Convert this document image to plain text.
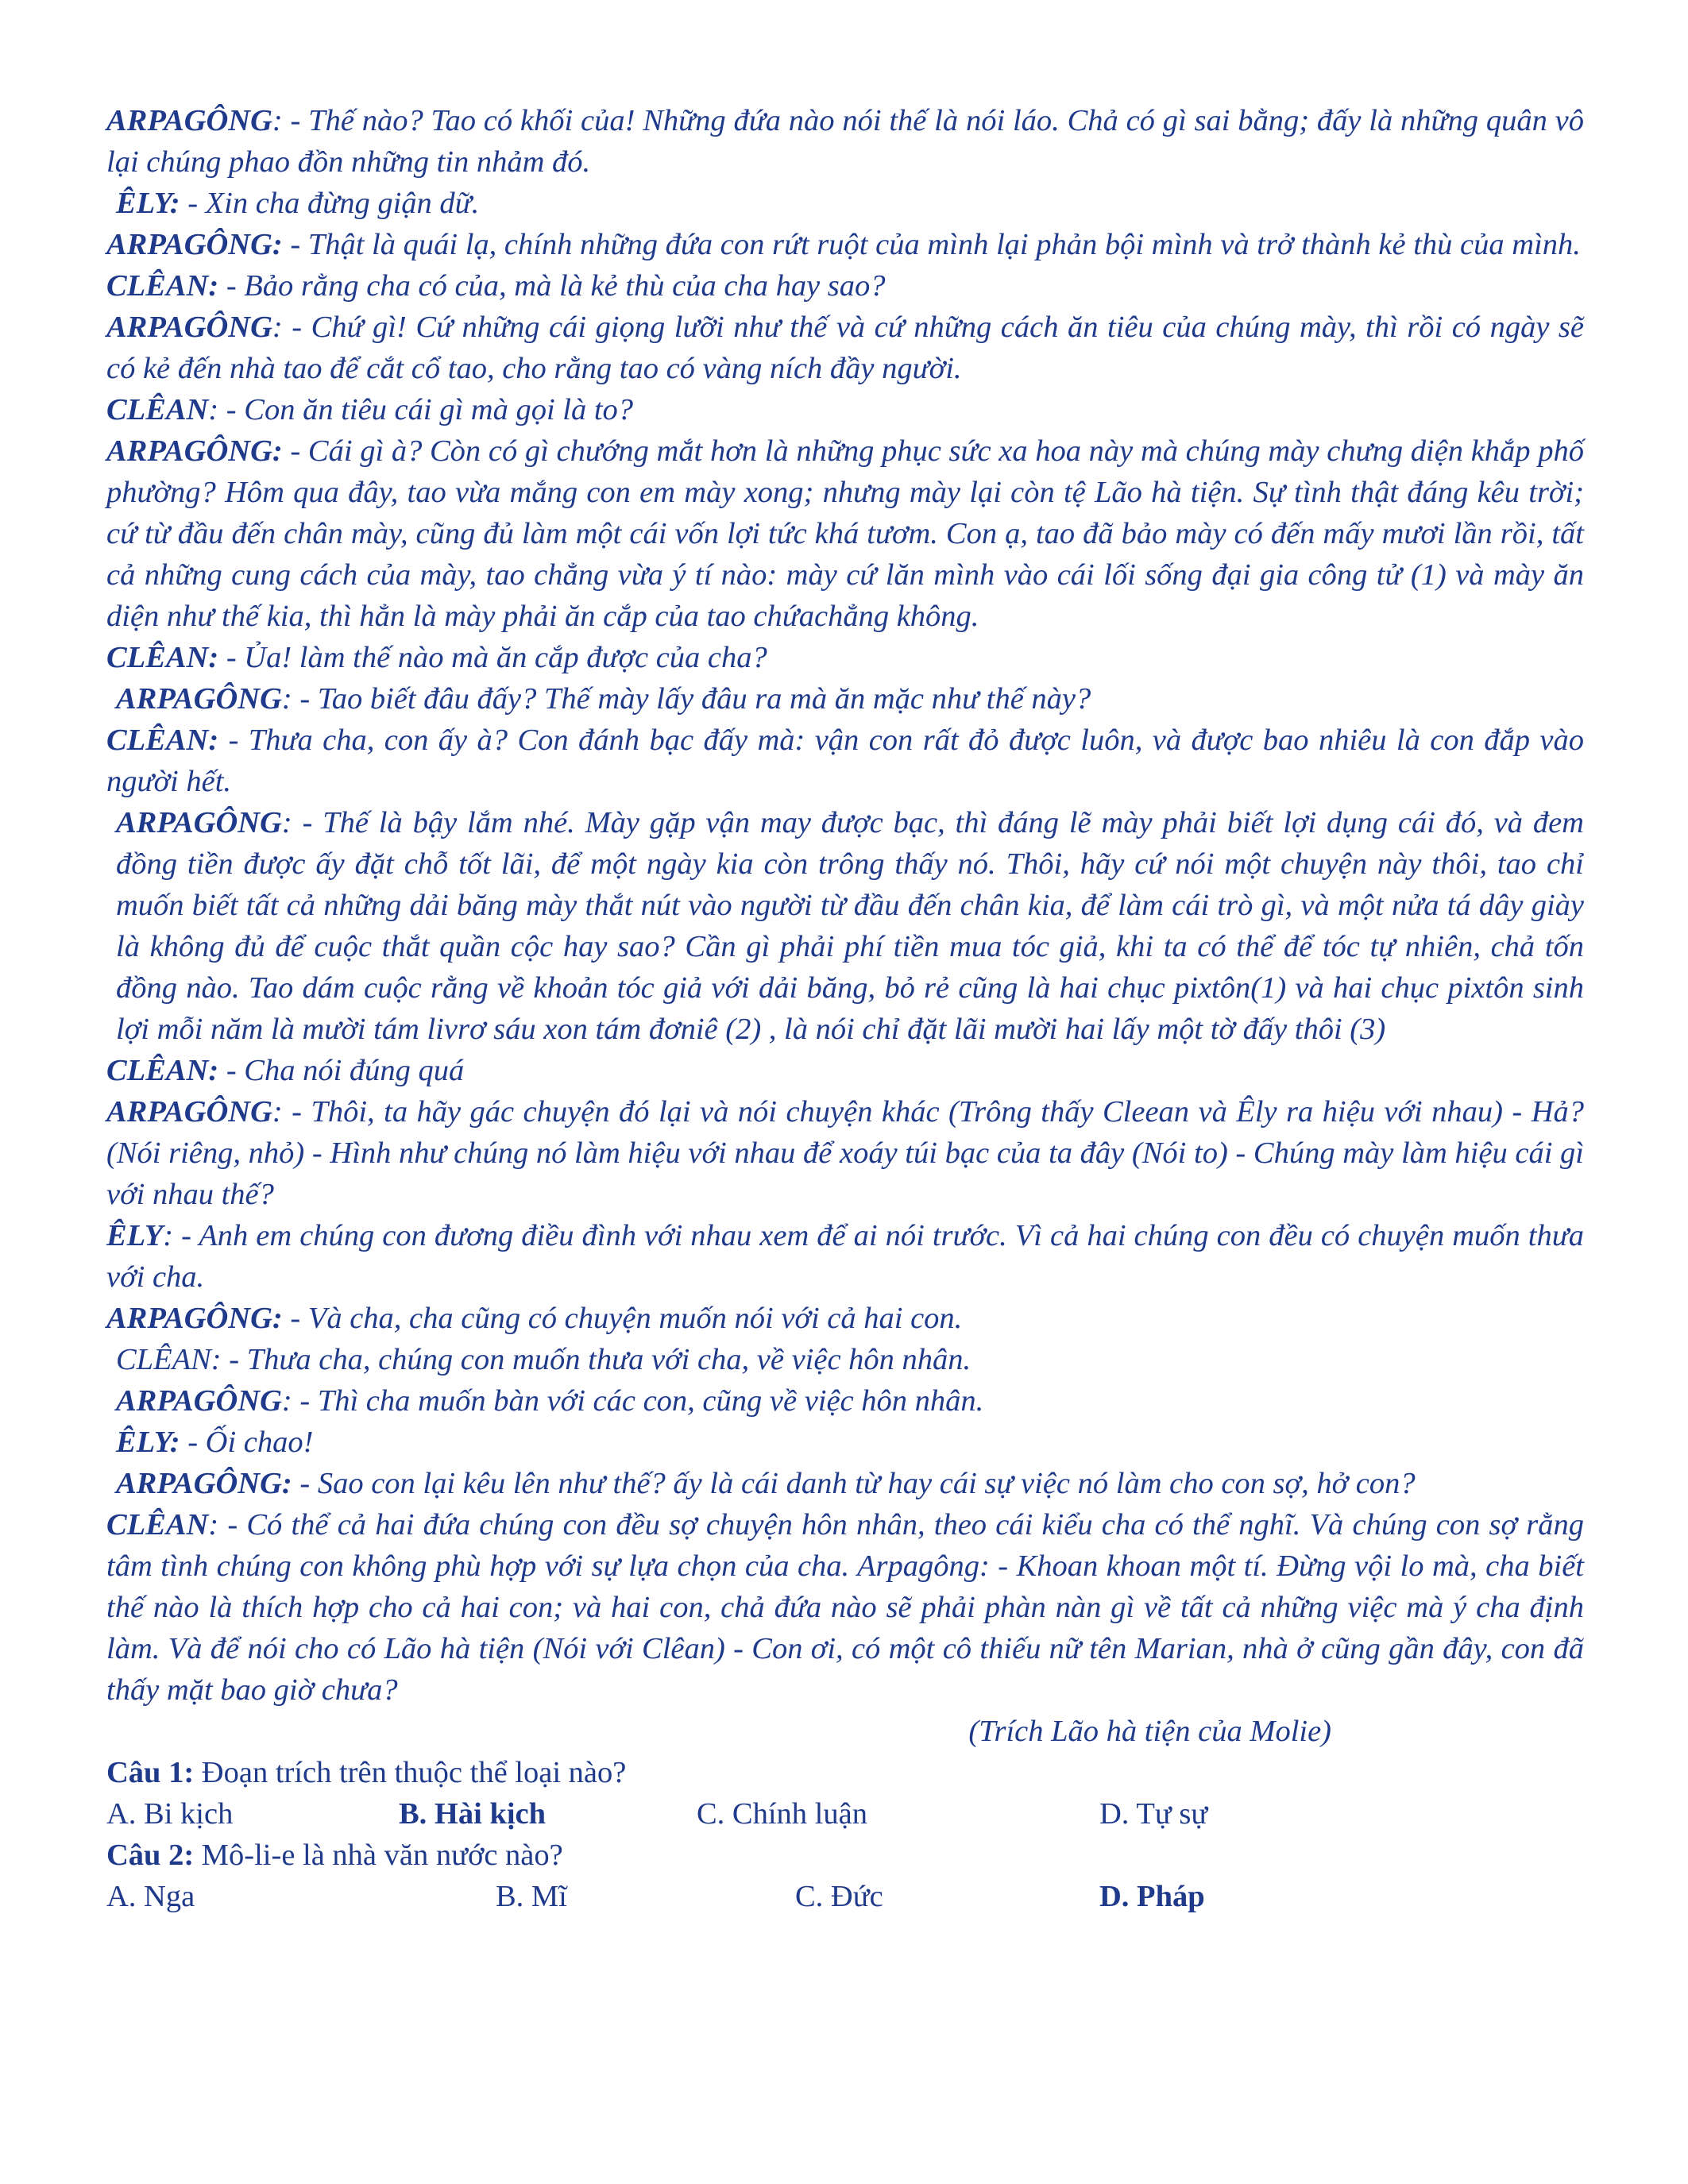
ARPAGÔNG: - Thế nào? Tao có khối của! Những đứa nào nói thế là nói láo. Chả có gì sai bằng; đấy là những quân vô lại chúng phao đồn những tin nhảm đó.

ÊLY: - Xin cha đừng giận dữ.

ARPAGÔNG: - Thật là quái lạ, chính những đứa con rứt ruột của mình lại phản bội mình và trở thành kẻ thù của mình.

CLÊAN: - Bảo rằng cha có của, mà là kẻ thù của cha hay sao?

ARPAGÔNG: - Chứ gì! Cứ những cái giọng lưỡi như thế và cứ những cách ăn tiêu của chúng mày, thì rồi có ngày sẽ có kẻ đến nhà tao để cắt cổ tao, cho rằng tao có vàng ních đầy người.

CLÊAN: - Con ăn tiêu cái gì mà gọi là to?

ARPAGÔNG: - Cái gì à? Còn có gì chướng mắt hơn là những phục sức xa hoa này mà chúng mày chưng diện khắp phố phường? Hôm qua đây, tao vừa mắng con em mày xong; nhưng mày lại còn tệ Lão hà tiện. Sự tình thật đáng kêu trời; cứ từ đầu đến chân mày, cũng đủ làm một cái vốn lợi tức khá tươm. Con ạ, tao đã bảo mày có đến mấy mươi lần rồi, tất cả những cung cách của mày, tao chẳng vừa ý tí nào: mày cứ lăn mình vào cái lối sống đại gia công tử (1) và mày ăn diện như thế kia, thì hẳn là mày phải ăn cắp của tao chứachẳng không.

CLÊAN: - Ủa! làm thế nào mà ăn cắp được của cha?

ARPAGÔNG: - Tao biết đâu đấy? Thế mày lấy đâu ra mà ăn mặc như thế này?

CLÊAN: - Thưa cha, con ấy à? Con đánh bạc đấy mà: vận con rất đỏ được luôn, và được bao nhiêu là con đắp vào người hết.

ARPAGÔNG: - Thế là bậy lắm nhé. Mày gặp vận may được bạc, thì đáng lẽ mày phải biết lợi dụng cái đó, và đem đồng tiền được ấy đặt chỗ tốt lãi, để một ngày kia còn trông thấy nó. Thôi, hãy cứ nói một chuyện này thôi, tao chỉ muốn biết tất cả những dải băng mày thắt nút vào người từ đầu đến chân kia, để làm cái trò gì, và một nửa tá dây giày là không đủ để cuộc thắt quần cộc hay sao? Cần gì phải phí tiền mua tóc giả, khi ta có thể để tóc tự nhiên, chả tốn đồng nào. Tao dám cuộc rằng về khoản tóc giả với dải băng, bỏ rẻ cũng là hai chục pixtôn(1) và hai chục pixtôn sinh lợi mỗi năm là mười tám livrơ sáu xon tám đơniê (2) , là nói chỉ đặt lãi mười hai lấy một tờ đấy thôi (3)

CLÊAN: - Cha nói đúng quá

ARPAGÔNG: - Thôi, ta hãy gác chuyện đó lại và nói chuyện khác (Trông thấy Cleean và Êly ra hiệu với nhau) - Hả? (Nói riêng, nhỏ) - Hình như chúng nó làm hiệu với nhau để xoáy túi bạc của ta đây (Nói to) - Chúng mày làm hiệu cái gì với nhau thế?

ÊLY: - Anh em chúng con đương điều đình với nhau xem để ai nói trước. Vì cả hai chúng con đều có chuyện muốn thưa với cha.

ARPAGÔNG: - Và cha, cha cũng có chuyện muốn nói với cả hai con.

CLÊAN: - Thưa cha, chúng con muốn thưa với cha, về việc hôn nhân.

ARPAGÔNG: - Thì cha muốn bàn với các con, cũng về việc hôn nhân.

ÊLY: - Ối chao!

ARPAGÔNG: - Sao con lại kêu lên như thế? ấy là cái danh từ hay cái sự việc nó làm cho con sợ, hở con?

CLÊAN: - Có thể cả hai đứa chúng con đều sợ chuyện hôn nhân, theo cái kiểu cha có thể nghĩ. Và chúng con sợ rằng tâm tình chúng con không phù hợp với sự lựa chọn của cha. Arpagông: - Khoan khoan một tí. Đừng vội lo mà, cha biết thế nào là thích hợp cho cả hai con; và hai con, chả đứa nào sẽ phải phàn nàn gì về tất cả những việc mà ý cha định làm. Và để nói cho có Lão hà tiện (Nói với Clêan) - Con ơi, có một cô thiếu nữ tên Marian, nhà ở cũng gần đây, con đã thấy mặt bao giờ chưa?

(Trích Lão hà tiện của Molie)

Câu 1: Đoạn trích trên thuộc thể loại nào?

A. Bi kịch	B. Hài kịch	C. Chính luận	D. Tự sự

Câu 2: Mô-li-e là nhà văn nước nào?

A. Nga	B. Mĩ	C. Đức	D. Pháp
